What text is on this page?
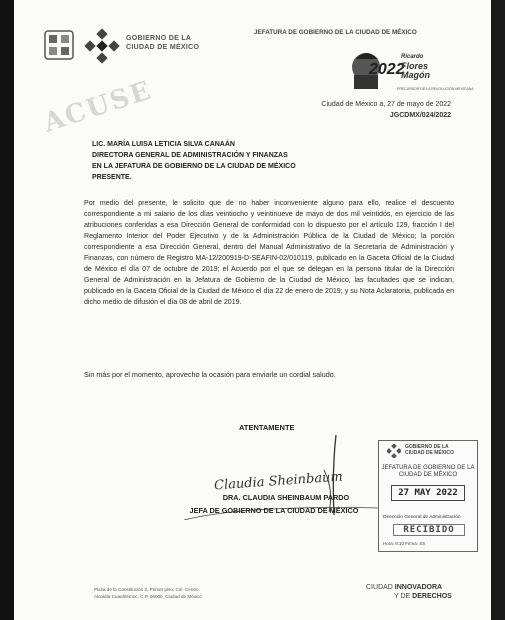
GOBIERNO DE LA
CIUDAD DE MÉXICO
JEFATURA DE GOBIERNO DE LA CIUDAD DE MÉXICO
2022
Ricardo
Flores
Magón
PRECURSOR DE LA REVOLUCIÓN MEXICANA
ACUSE	Ciudad de México a, 27 de mayo de 2022
JGCDMX/024/2022
LIC. MARÍA LUISA LETICIA SILVA CANAÁN
DIRECTORA GENERAL DE ADMINISTRACIÓN Y FINANZAS
EN LA JEFATURA DE GOBIERNO DE LA CIUDAD DE MÉXICO
PRESENTE.
Por medio del presente, le solicito que de no haber inconveniente alguno para ello, realice el descuento correspondiente a mi salario de los días veintiocho y veintinueve de mayo de dos mil veintidós, en ejercicio de las atribuciones conferidas a esa Dirección General de conformidad con lo dispuesto por el artículo 129, fracción I del Reglamento Interior del Poder Ejecutivo y de la Administración Pública de la Ciudad de México; la porción correspondiente a esa Dirección General, dentro del Manual Administrativo de la Secretaría de Administración y Finanzas, con número de Registro MA-12/200919-D-SEAFIN-02/010119, publicado en la Gaceta Oficial de la Ciudad de México el día 07 de octubre de 2019; el Acuerdo por el que se delegan en la persona titular de la Dirección General de Administración en la Jefatura de Gobierno de la Ciudad de México, las facultades que se indican, publicado en la Gaceta Oficial de la Ciudad de México el día 22 de enero de 2019; y su Nota Aclaratoria, publicada en dicho medio de difusión el día 08 de abril de 2019.
Sin más por el momento, aprovecho la ocasión para enviarle un cordial saludo.
ATENTAMENTE
Claudia Sheinbaum
DRA. CLAUDIA SHEINBAUM PARDO
JEFA DE GOBIERNO DE LA CIUDAD DE MÉXICO
GOBIERNO DE LA
CIUDAD DE MÉXICO
JEFATURA DE GOBIERNO DE LA CIUDAD DE MÉXICO
27 MAY 2022
Dirección General de Administración
RECIBIDO
Hora: 9:10 Firma: SS
Plaza de la Constitución 2, Primer piso, Col. Centro
Alcaldía Cuauhtémoc, C.P. 06000, Ciudad de México
CIUDAD INNOVADORA
Y DE DERECHOS
